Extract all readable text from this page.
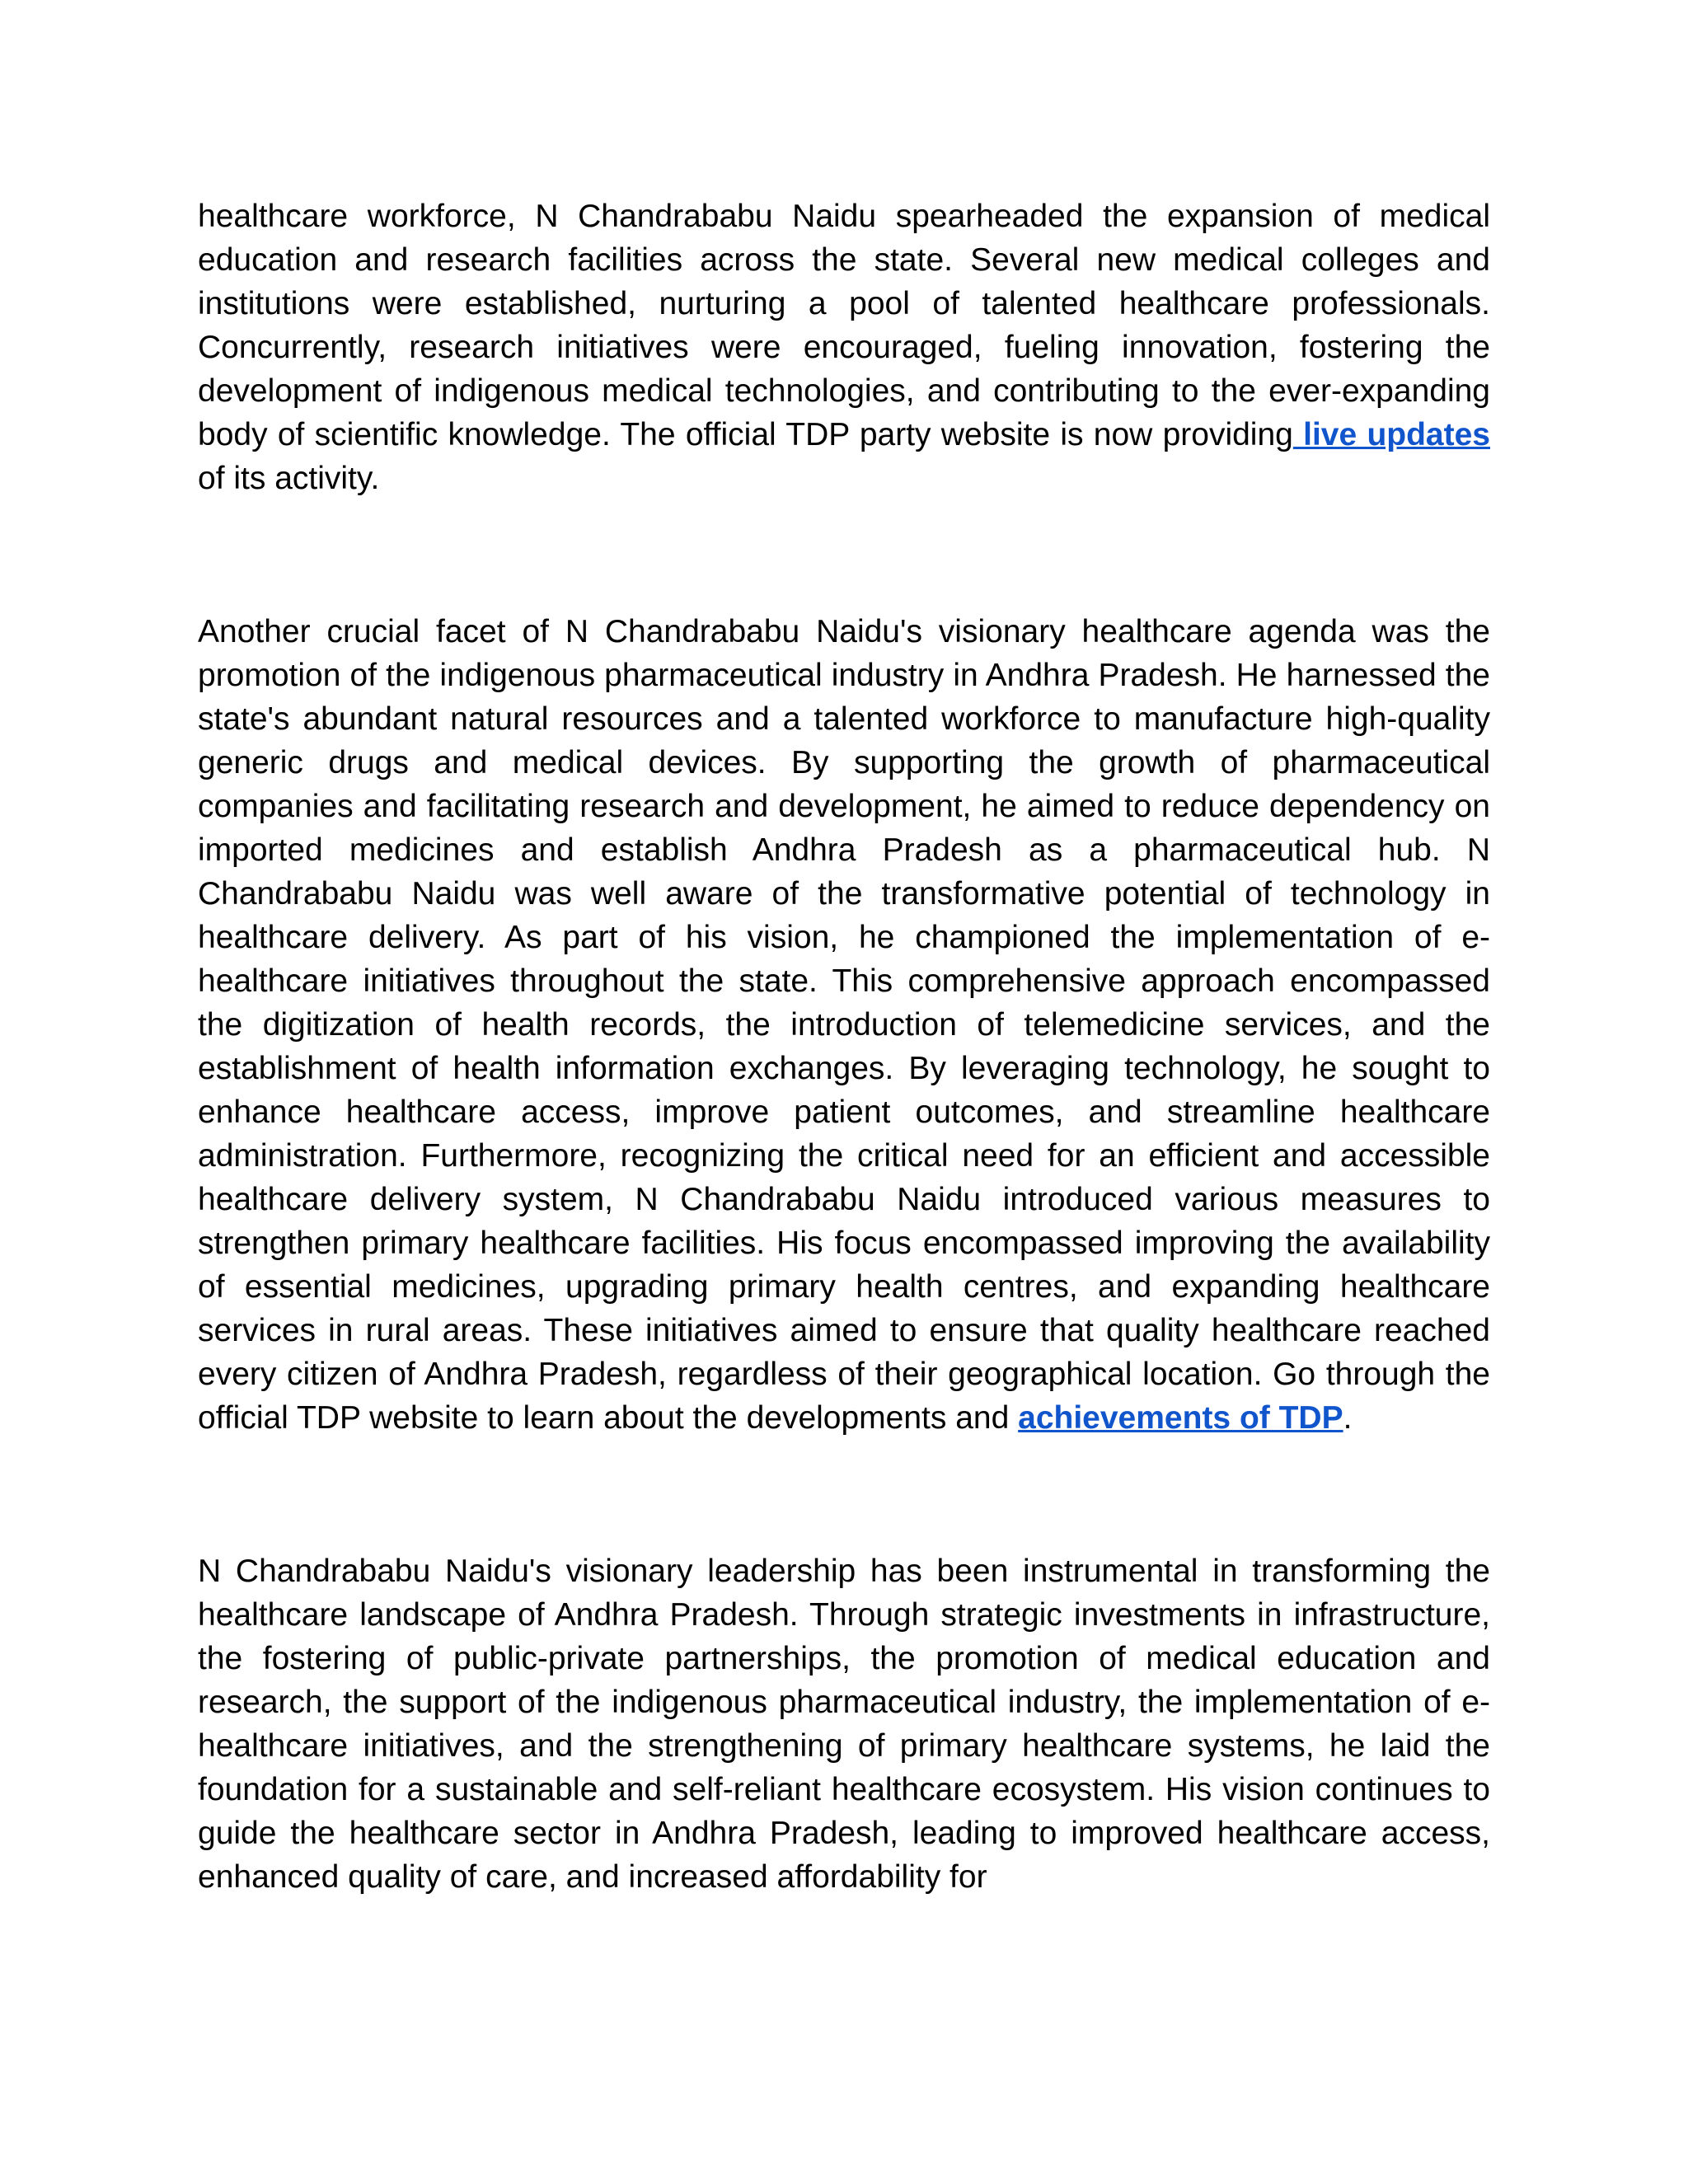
healthcare workforce, N Chandrababu Naidu spearheaded the expansion of medical education and research facilities across the state. Several new medical colleges and institutions were established, nurturing a pool of talented healthcare professionals. Concurrently, research initiatives were encouraged, fueling innovation, fostering the development of indigenous medical technologies, and contributing to the ever-expanding body of scientific knowledge. The official TDP party website is now providing live updates of its activity.

Another crucial facet of N Chandrababu Naidu's visionary healthcare agenda was the promotion of the indigenous pharmaceutical industry in Andhra Pradesh. He harnessed the state's abundant natural resources and a talented workforce to manufacture high-quality generic drugs and medical devices. By supporting the growth of pharmaceutical companies and facilitating research and development, he aimed to reduce dependency on imported medicines and establish Andhra Pradesh as a pharmaceutical hub. N Chandrababu Naidu was well aware of the transformative potential of technology in healthcare delivery. As part of his vision, he championed the implementation of e-healthcare initiatives throughout the state. This comprehensive approach encompassed the digitization of health records, the introduction of telemedicine services, and the establishment of health information exchanges. By leveraging technology, he sought to enhance healthcare access, improve patient outcomes, and streamline healthcare administration. Furthermore, recognizing the critical need for an efficient and accessible healthcare delivery system, N Chandrababu Naidu introduced various measures to strengthen primary healthcare facilities. His focus encompassed improving the availability of essential medicines, upgrading primary health centres, and expanding healthcare services in rural areas. These initiatives aimed to ensure that quality healthcare reached every citizen of Andhra Pradesh, regardless of their geographical location. Go through the official TDP website to learn about the developments and achievements of TDP.

N Chandrababu Naidu's visionary leadership has been instrumental in transforming the healthcare landscape of Andhra Pradesh. Through strategic investments in infrastructure, the fostering of public-private partnerships, the promotion of medical education and research, the support of the indigenous pharmaceutical industry, the implementation of e-healthcare initiatives, and the strengthening of primary healthcare systems, he laid the foundation for a sustainable and self-reliant healthcare ecosystem. His vision continues to guide the healthcare sector in Andhra Pradesh, leading to improved healthcare access, enhanced quality of care, and increased affordability for
